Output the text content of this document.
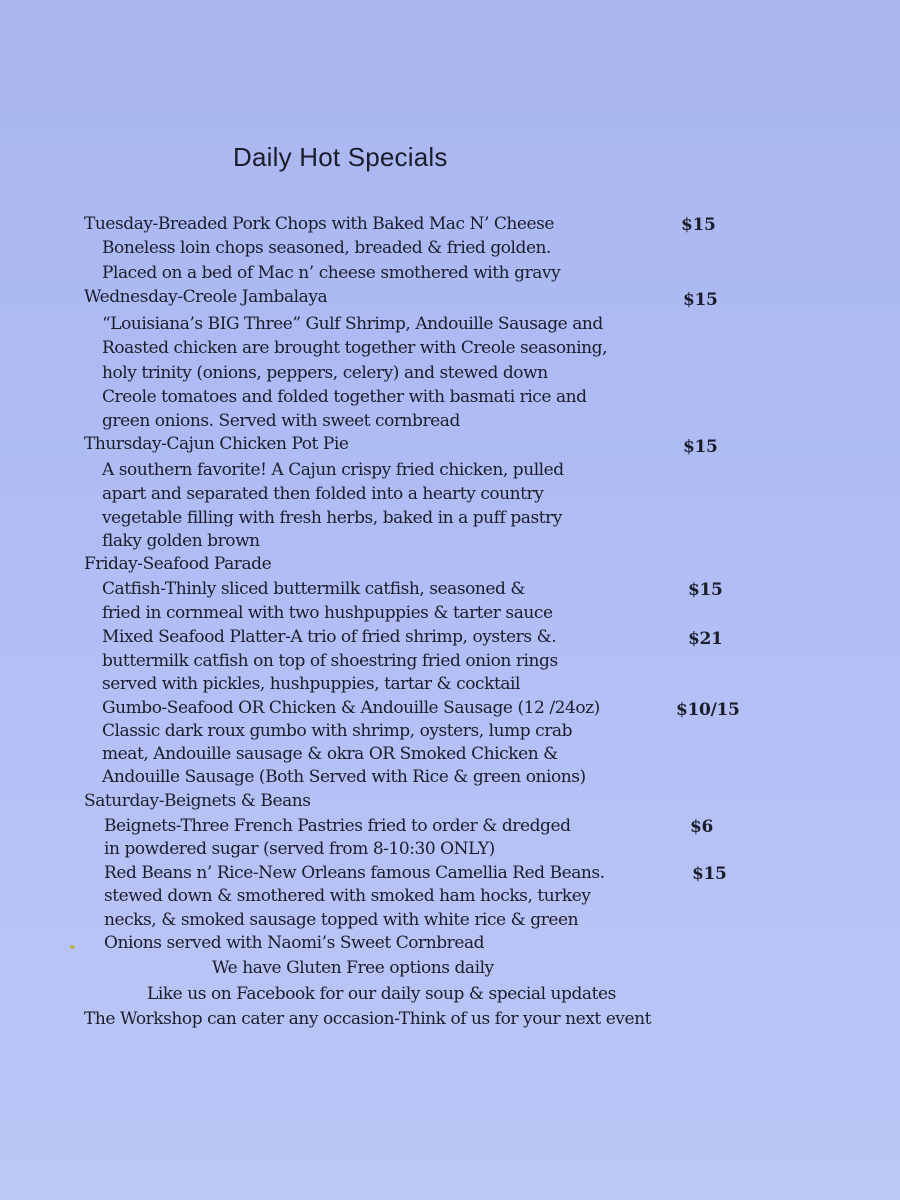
Daily Hot Specials
Tuesday-Breaded Pork Chops with Baked Mac N’ Cheese	$15
Boneless loin chops seasoned, breaded & fried golden.
Placed on a bed of Mac n’ cheese smothered with gravy
Wednesday-Creole Jambalaya	$15
“Louisiana’s BIG Three” Gulf Shrimp, Andouille Sausage and
Roasted chicken are brought together with Creole seasoning,
holy trinity (onions, peppers, celery) and stewed down
Creole tomatoes and folded together with basmati rice and
green onions. Served with sweet cornbread
Thursday-Cajun Chicken Pot Pie	$15
A southern favorite! A Cajun crispy fried chicken, pulled
apart and separated then folded into a hearty country
vegetable filling with fresh herbs, baked in a puff pastry
flaky golden brown
Friday-Seafood Parade
Catfish-Thinly sliced buttermilk catfish, seasoned &	$15
fried in cornmeal with two hushpuppies & tarter sauce
Mixed Seafood Platter-A trio of fried shrimp, oysters &.	$21
buttermilk catfish on top of shoestring fried onion rings
served with pickles, hushpuppies, tartar & cocktail
Gumbo-Seafood OR Chicken & Andouille Sausage (12 /24oz)	$10/15
Classic dark roux gumbo with shrimp, oysters, lump crab
meat, Andouille sausage & okra OR Smoked Chicken &
Andouille Sausage (Both Served with Rice & green onions)
Saturday-Beignets & Beans
Beignets-Three French Pastries fried to order & dredged	$6
in powdered sugar (served from 8-10:30 ONLY)
Red Beans n’ Rice-New Orleans famous Camellia Red Beans.	$15
stewed down & smothered with smoked ham hocks, turkey
necks, & smoked sausage topped with white rice & green
Onions served with Naomi’s Sweet Cornbread
We have Gluten Free options daily
Like us on Facebook for our daily soup & special updates
The Workshop can cater any occasion-Think of us for your next event
